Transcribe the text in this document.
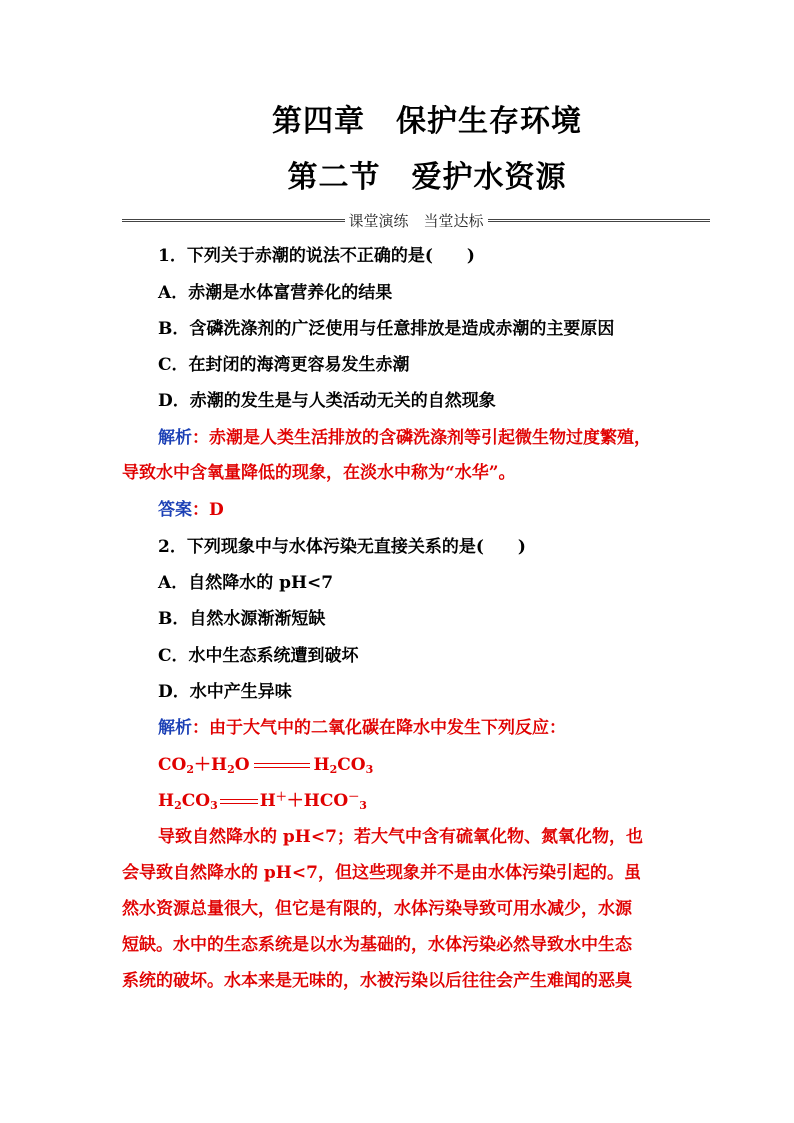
第四章　保护生存环境
第二节　爱护水资源
课堂演练　当堂达标
1．下列关于赤潮的说法不正确的是(　　)
A．赤潮是水体富营养化的结果
B．含磷洗涤剂的广泛使用与任意排放是造成赤潮的主要原因
C．在封闭的海湾更容易发生赤潮
D．赤潮的发生是与人类活动无关的自然现象
解析：赤潮是人类生活排放的含磷洗涤剂等引起微生物过度繁殖，
导致水中含氧量降低的现象，在淡水中称为“水华”。
答案：D
2．下列现象中与水体污染无直接关系的是(　　)
A．自然降水的 pH<7
B．自然水源渐渐短缺
C．水中生态系统遭到破坏
D．水中产生异味
解析：由于大气中的二氧化碳在降水中发生下列反应：
$CO_2+H_2O$	$H_2CO_3$
$H_2CO_3$ $H^++HCO^-_3$
导致自然降水的 pH<7；若大气中含有硫氧化物、氮氧化物，也
会导致自然降水的 pH<7，但这些现象并不是由水体污染引起的。虽
然水资源总量很大，但它是有限的，水体污染导致可用水减少，水源
短缺。水中的生态系统是以水为基础的，水体污染必然导致水中生态
系统的破坏。水本来是无味的，水被污染以后往往会产生难闻的恶臭
